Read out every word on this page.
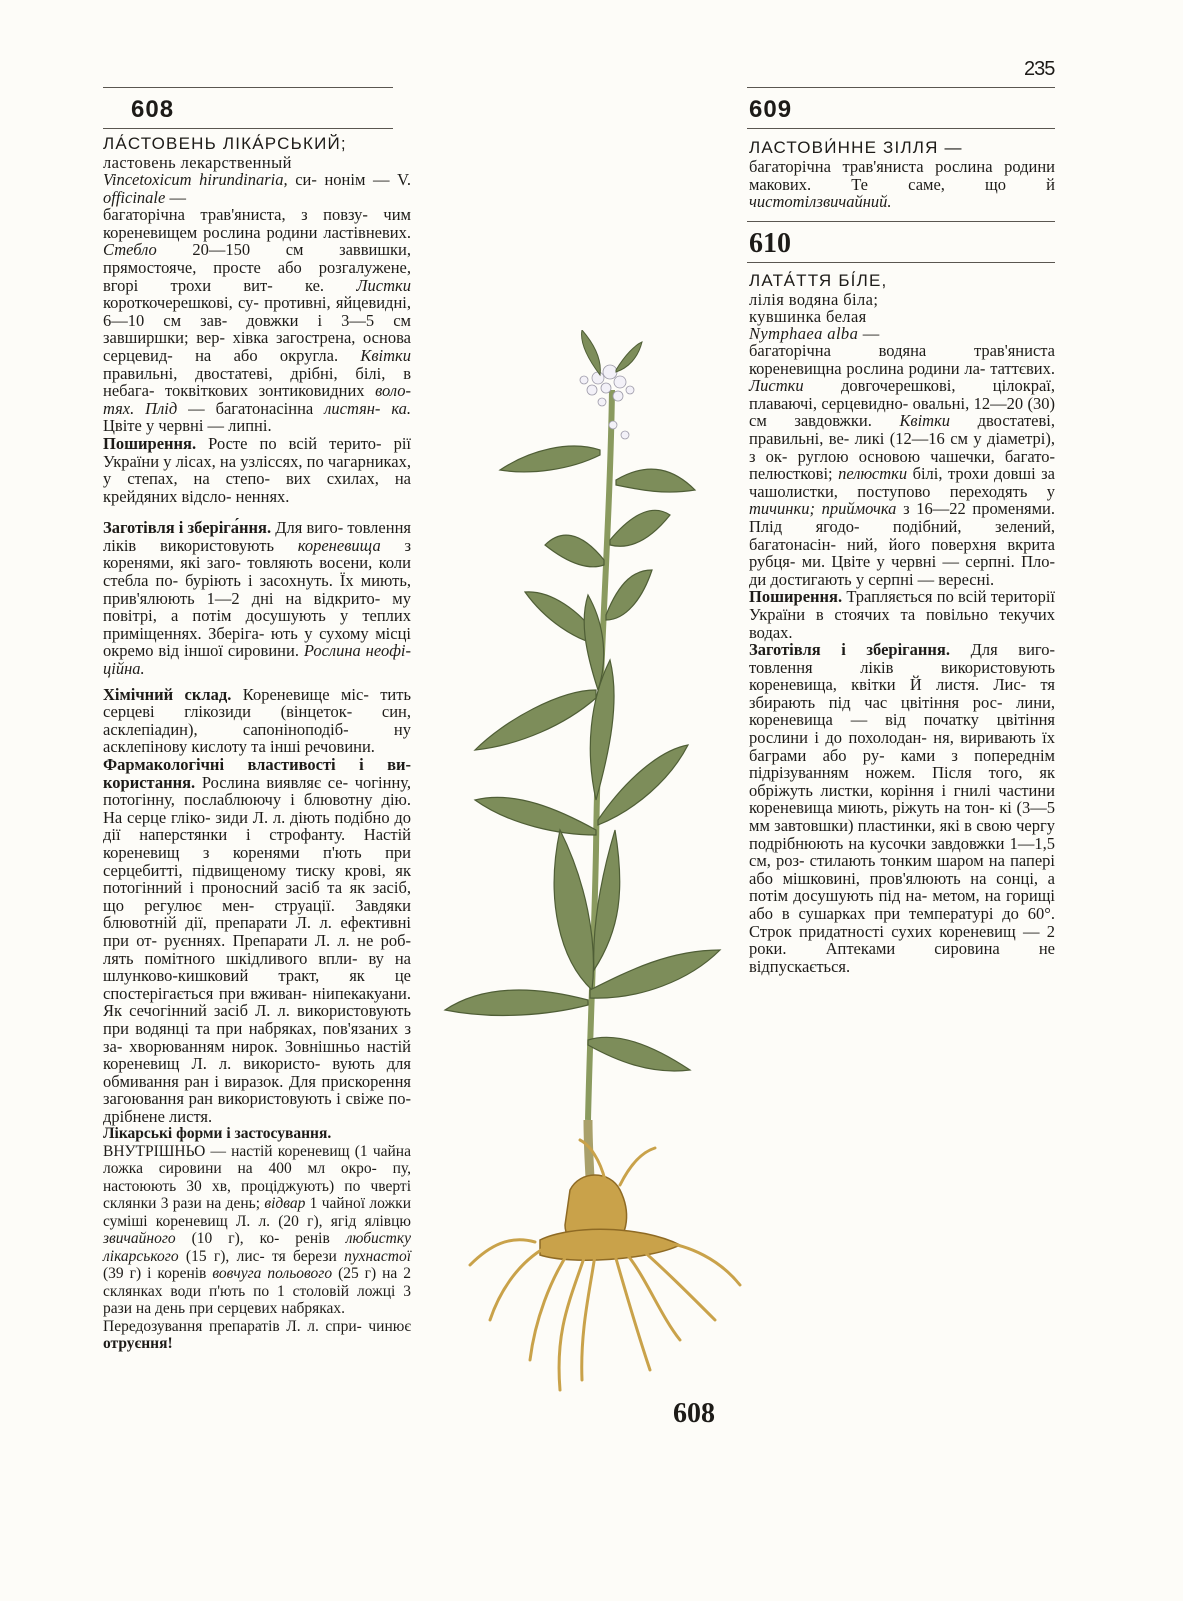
235
608

ЛА́СТОВЕНЬ ЛІКА́РСЬКИЙ;

ластовень лекарственный

Vincetoxicum hirundinaria, си- нонім — V. officinale —

багаторічна трав'яниста, з повзу- чим кореневищем рослина родини ластівневих. Стебло 20—150 см заввишки, прямостояче, просте або розгалужене, вгорі трохи вит- ке. Листки короткочерешкові, су- противні, яйцевидні, 6—10 см зав- довжки і 3—5 см завширшки; вер- хівка загострена, основа серцевид- на або округла. Квітки правильні, двостатеві, дрібні, білі, в небага- токвіткових зонтиковидних воло- тях. Плід — багатонасінна листян- ка. Цвіте у червні — липні.

Поширення. Росте по всій терито- рії України у лісах, на узліссях, по чагарниках, у степах, на степо- вих схилах, на крейдяних відсло- неннях.

Заготівля і зберіга́ння. Для виго- товлення ліків використовують кореневища з коренями, які заго- товляють восени, коли стебла по- буріють і засохнуть. Їх миють, прив'ялюють 1—2 дні на відкрито- му повітрі, а потім досушують у теплих приміщеннях. Зберіга- ють у сухому місці окремо від іншої сировини. Рослина неофі- ційна.

Хімічний склад. Кореневище міс- тить серцеві глікозиди (вінцеток- син, асклепіадин), сапоніноподіб- ну асклепінову кислоту та інші речовини.

Фармакологічні властивості і ви- користання. Рослина виявляє се- чогінну, потогінну, послаблюючу і блювотну дію. На серце гліко- зиди Л. л. діють подібно до дії наперстянки і строфанту. Настій кореневищ з коренями п'ють при серцебитті, підвищеному тиску крові, як потогінний і проносний засіб та як засіб, що регулює мен- струації. Завдяки блювотній дії, препарати Л. л. ефективні при от- руєннях. Препарати Л. л. не роб- лять помітного шкідливого впли- ву на шлунково-кишковий тракт, як це спостерігається при вживан- ніипекакуани. Як сечогінний засіб Л. л. використовують при водянці та при набряках, пов'язаних з за- хворюванням нирок. Зовнішньо настій кореневищ Л. л. використо- вують для обмивання ран і виразок. Для прискорення загоювання ран використовують і свіже по- дрібнене листя.

Лікарські форми і застосування.
ВНУТРІШНЬО — настій кореневищ (1 чайна ложка сировини на 400 мл окро- пу, настоюють 30 хв, проціджують) по чверті склянки 3 рази на день; відвар 1 чайної ложки суміші кореневищ Л. л. (20 г), ягід ялівцю звичайного (10 г), ко- ренів любистку лікарського (15 г), лис- тя берези пухнастої (39 г) і коренів вовчуга польового (25 г) на 2 склянках води п'ють по 1 столовій ложці 3 рази на день при серцевих набряках.

Передозування препаратів Л. л. спри- чинює отруєння!

609

ЛАСТОВИ́ННЕ ЗІЛЛЯ —

багаторічна трав'яниста рослина родини макових. Те саме, що й чистотілзвичайний.

610

ЛАТА́ТТЯ БІ́ЛЕ,

лілія водяна біла;

кувшинка белая

Nymphaea alba —

багаторічна водяна трав'яниста кореневищна рослина родини ла- таттєвих. Листки довгочерешкові, цілокраї, плаваючі, серцевидно- овальні, 12—20 (30) см завдовжки. Квітки двостатеві, правильні, ве- ликі (12—16 см у діаметрі), з ок- руглою основою чашечки, багато- пелюсткові; пелюстки білі, трохи довші за чашолистки, поступово переходять у тичинки; приймочка з 16—22 променями. Плід ягодо- подібний, зелений, багатонасін- ний, його поверхня вкрита рубця- ми. Цвіте у червні — серпні. Пло- ди достигають у серпні — вересні.

Поширення. Трапляється по всій території України в стоячих та повільно текучих водах.

Заготівля і зберігання. Для виго- товлення ліків використовують кореневища, квітки Й листя. Лис- тя збирають під час цвітіння рос- лини, кореневища — від початку цвітіння рослини і до похолодан- ня, виривають їх баграми або ру- ками з попереднім підрізуванням ножем. Після того, як обріжуть листки, коріння і гнилі частини кореневища миють, ріжуть на тон- кі (3—5 мм завтовшки) пластинки, які в свою чергу подрібнюють на кусочки завдовжки 1—1,5 см, роз- стилають тонким шаром на папері або мішковині, пров'ялюють на сонці, а потім досушують під на- метом, на горищі або в сушарках при температурі до 60°. Строк придатності сухих кореневищ — 2 роки. Аптеками сировина не відпускається.

608
